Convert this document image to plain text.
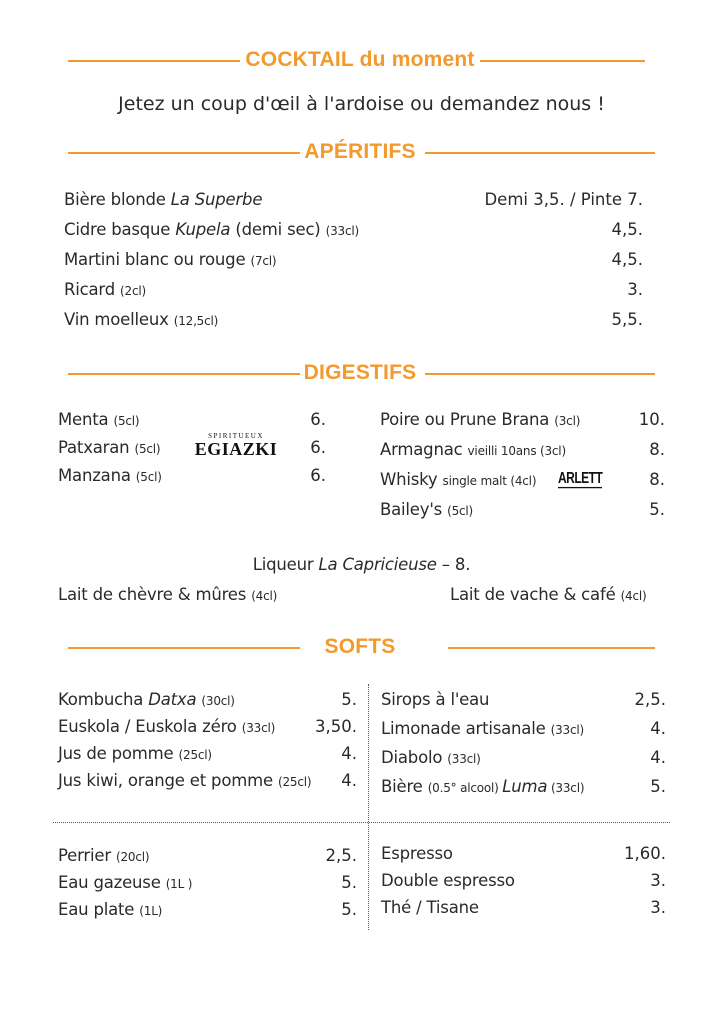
COCKTAIL du moment
Jetez un coup d'œil à l'ardoise ou demandez nous !
APÉRITIFS
Bière blonde La Superbe	Demi 3,5. / Pinte 7.
Cidre basque Kupela (demi sec) (33cl)	4,5.
Martini blanc ou rouge (7cl)	4,5.
Ricard (2cl)	3.
Vin moelleux (12,5cl)	5,5.
DIGESTIFS
Menta (5cl)	6.
Patxaran (5cl)	6.
Manzana (5cl)	6.
Poire ou Prune Brana (3cl)	10.
Armagnac vieilli 10ans (3cl)	8.
Whisky single malt (4cl)	8.
Bailey's (5cl)	5.
SPIRITUEUX
EGIAZKI
ARLETT
Liqueur La Capricieuse – 8.
Lait de chèvre & mûres (4cl)	Lait de vache & café (4cl)
SOFTS
Kombucha Datxa (30cl)	5.
Euskola / Euskola zéro (33cl) 3,50.
Jus de pomme (25cl)	4.
Jus kiwi, orange et pomme (25cl) 4.
Sirops à l'eau	2,5.
Limonade artisanale (33cl)	4.
Diabolo (33cl)	4.
Bière (0.5° alcool) Luma (33cl)	5.
Perrier (20cl)	2,5.
Eau gazeuse (1L )	5.
Eau plate (1L)	5.
Espresso	1,60.
Double espresso	3.
Thé / Tisane	3.
